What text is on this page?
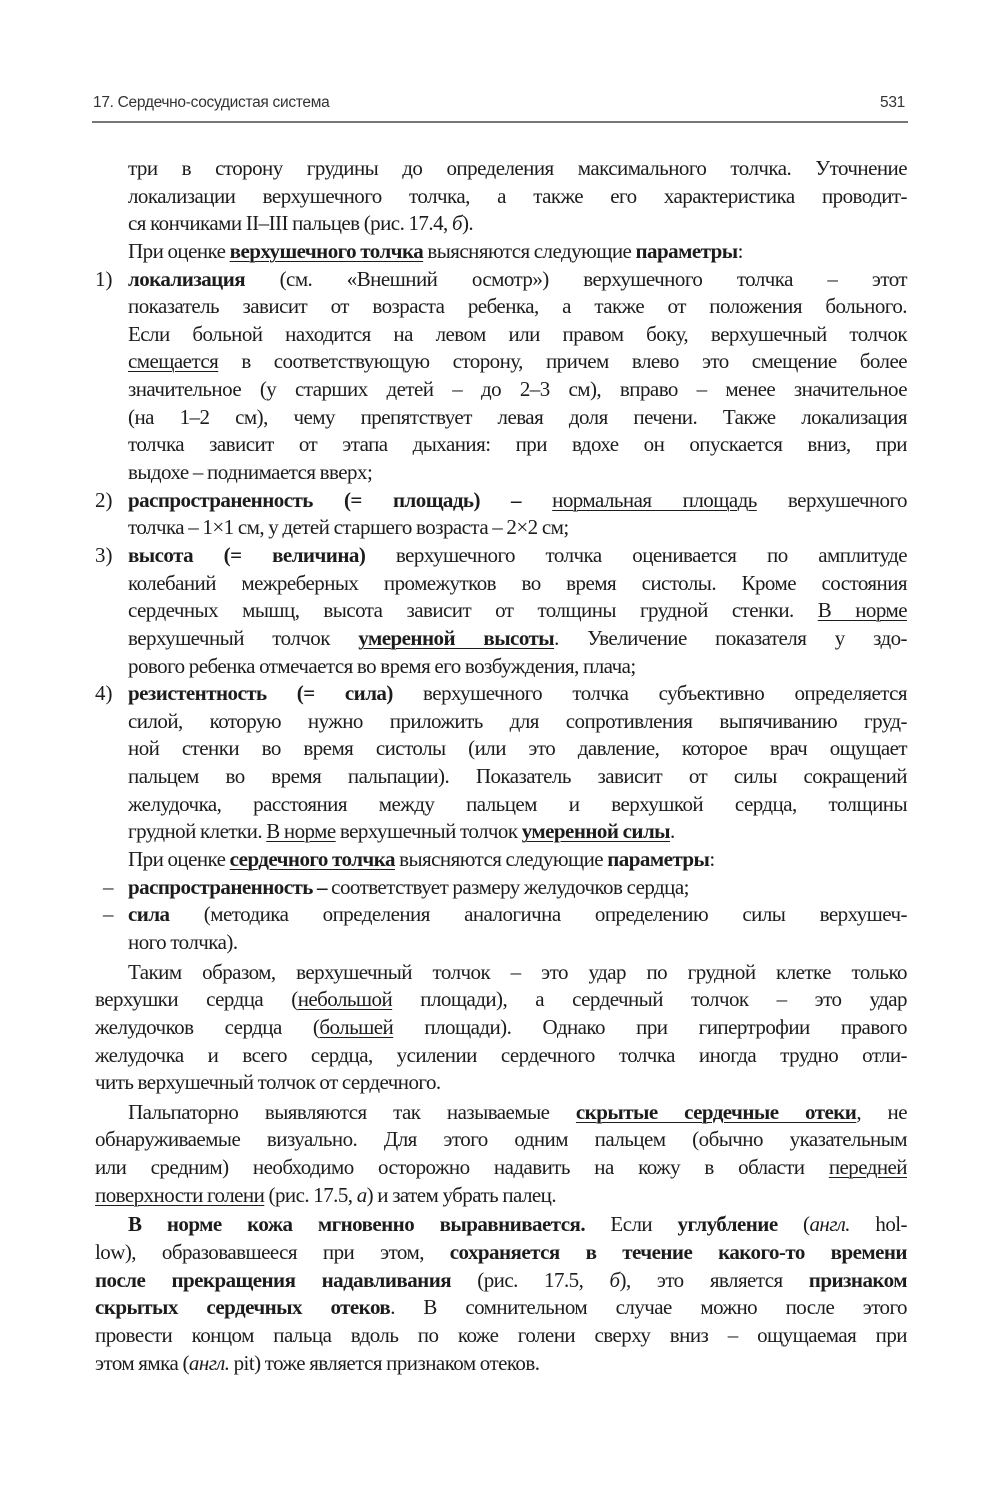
17. Сердечно-сосудистая система	531
три в сторону грудины до определения максимального толчка. Уточнение
локализации верхушечного толчка, а также его характеристика проводит-
ся кончиками II–III пальцев (рис. 17.4, б).
При оценке верхушечного толчка выясняются следующие параметры:
1) локализация (см. «Внешний осмотр») верхушечного толчка – этот
показатель зависит от возраста ребенка, а также от положения больного.
Если больной находится на левом или правом боку, верхушечный толчок
смещается в соответствующую сторону, причем влево это смещение более
значительное (у старших детей – до 2–3 см), вправо – менее значительное
(на 1–2 см), чему препятствует левая доля печени. Также локализация
толчка зависит от этапа дыхания: при вдохе он опускается вниз, при
выдохе – поднимается вверх;
2) распространенность (= площадь) – нормальная площадь верхушечного
толчка – 1×1 см, у детей старшего возраста – 2×2 см;
3) высота (= величина) верхушечного толчка оценивается по амплитуде
колебаний межреберных промежутков во время систолы. Кроме состояния
сердечных мышц, высота зависит от толщины грудной стенки. В норме
верхушечный толчок умеренной высоты. Увеличение показателя у здо-
рового ребенка отмечается во время его возбуждения, плача;
4) резистентность (= сила) верхушечного толчка субъективно определяется
силой, которую нужно приложить для сопротивления выпячиванию груд-
ной стенки во время систолы (или это давление, которое врач ощущает
пальцем во время пальпации). Показатель зависит от силы сокращений
желудочка, расстояния между пальцем и верхушкой сердца, толщины
грудной клетки. В норме верхушечный толчок умеренной силы.
При оценке сердечного толчка выясняются следующие параметры:
– распространенность – соответствует размеру желудочков сердца;
– сила (методика определения аналогична определению силы верхушеч-
ного толчка).
Таким образом, верхушечный толчок – это удар по грудной клетке только
верхушки сердца (небольшой площади), а сердечный толчок – это удар
желудочков сердца (большей площади). Однако при гипертрофии правого
желудочка и всего сердца, усилении сердечного толчка иногда трудно отли-
чить верхушечный толчок от сердечного.
Пальпаторно выявляются так называемые скрытые сердечные отеки, не
обнаруживаемые визуально. Для этого одним пальцем (обычно указательным
или средним) необходимо осторожно надавить на кожу в области передней
поверхности голени (рис. 17.5, а) и затем убрать палец.
В норме кожа мгновенно выравнивается. Если углубление (англ. hol-
low), образовавшееся при этом, сохраняется в течение какого-то времени
после прекращения надавливания (рис. 17.5, б), это является признаком
скрытых сердечных отеков. В сомнительном случае можно после этого
провести концом пальца вдоль по коже голени сверху вниз – ощущаемая при
этом ямка (англ. pit) тоже является признаком отеков.
